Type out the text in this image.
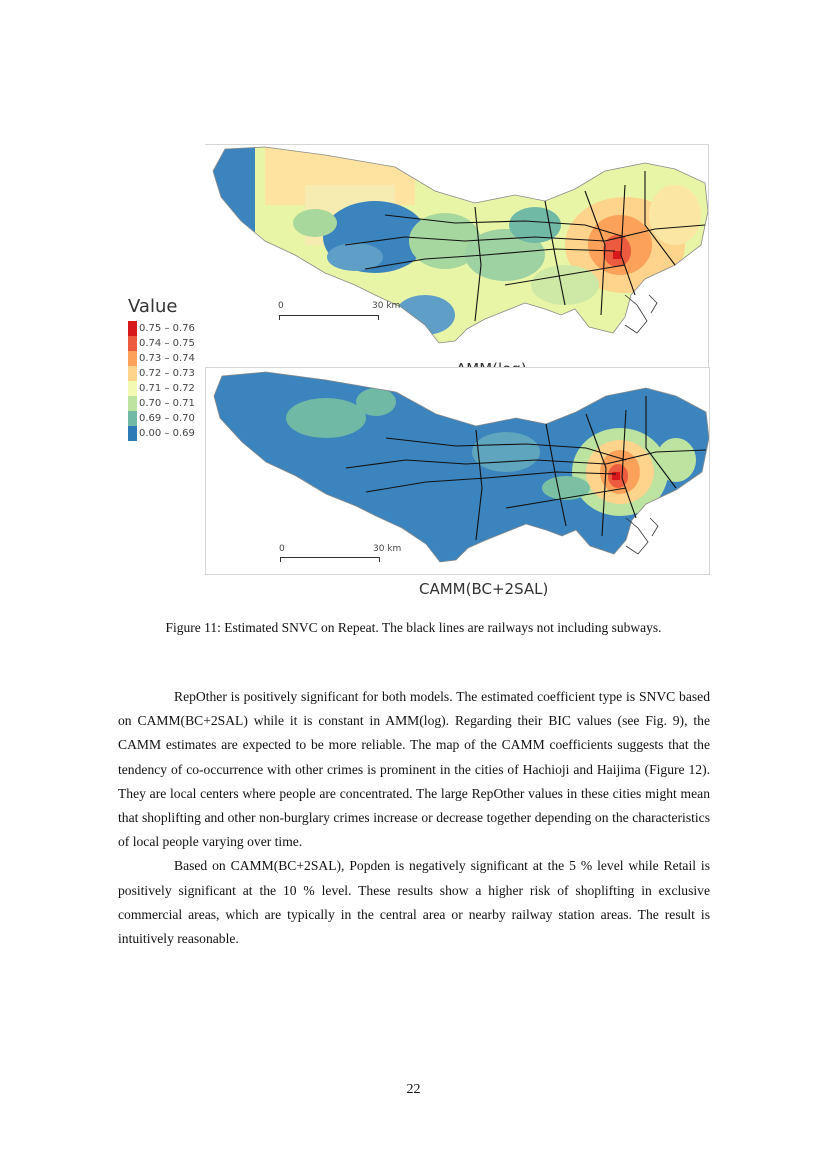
0	30 km
0	30 km
CAMM(BC+2SAL)
Value
0.75 – 0.76
0.74 – 0.75
0.73 – 0.74
0.72 – 0.73
0.71 – 0.72
0.70 – 0.71
0.69 – 0.70
0.00 – 0.69
Figure 11: Estimated SNVC on Repeat. The black lines are railways not including subways.

RepOther is positively significant for both models. The estimated coefficient type is SNVC based on CAMM(BC+2SAL) while it is constant in AMM(log). Regarding their BIC values (see Fig. 9), the CAMM estimates are expected to be more reliable. The map of the CAMM coefficients suggests that the tendency of co-occurrence with other crimes is prominent in the cities of Hachioji and Haijima (Figure 12). They are local centers where people are concentrated. The large RepOther values in these cities might mean that shoplifting and other non-burglary crimes increase or decrease together depending on the characteristics of local people varying over time.

Based on CAMM(BC+2SAL), Popden is negatively significant at the 5 % level while Retail is positively significant at the 10 % level. These results show a higher risk of shoplifting in exclusive commercial areas, which are typically in the central area or nearby railway station areas. The result is intuitively reasonable.

22
